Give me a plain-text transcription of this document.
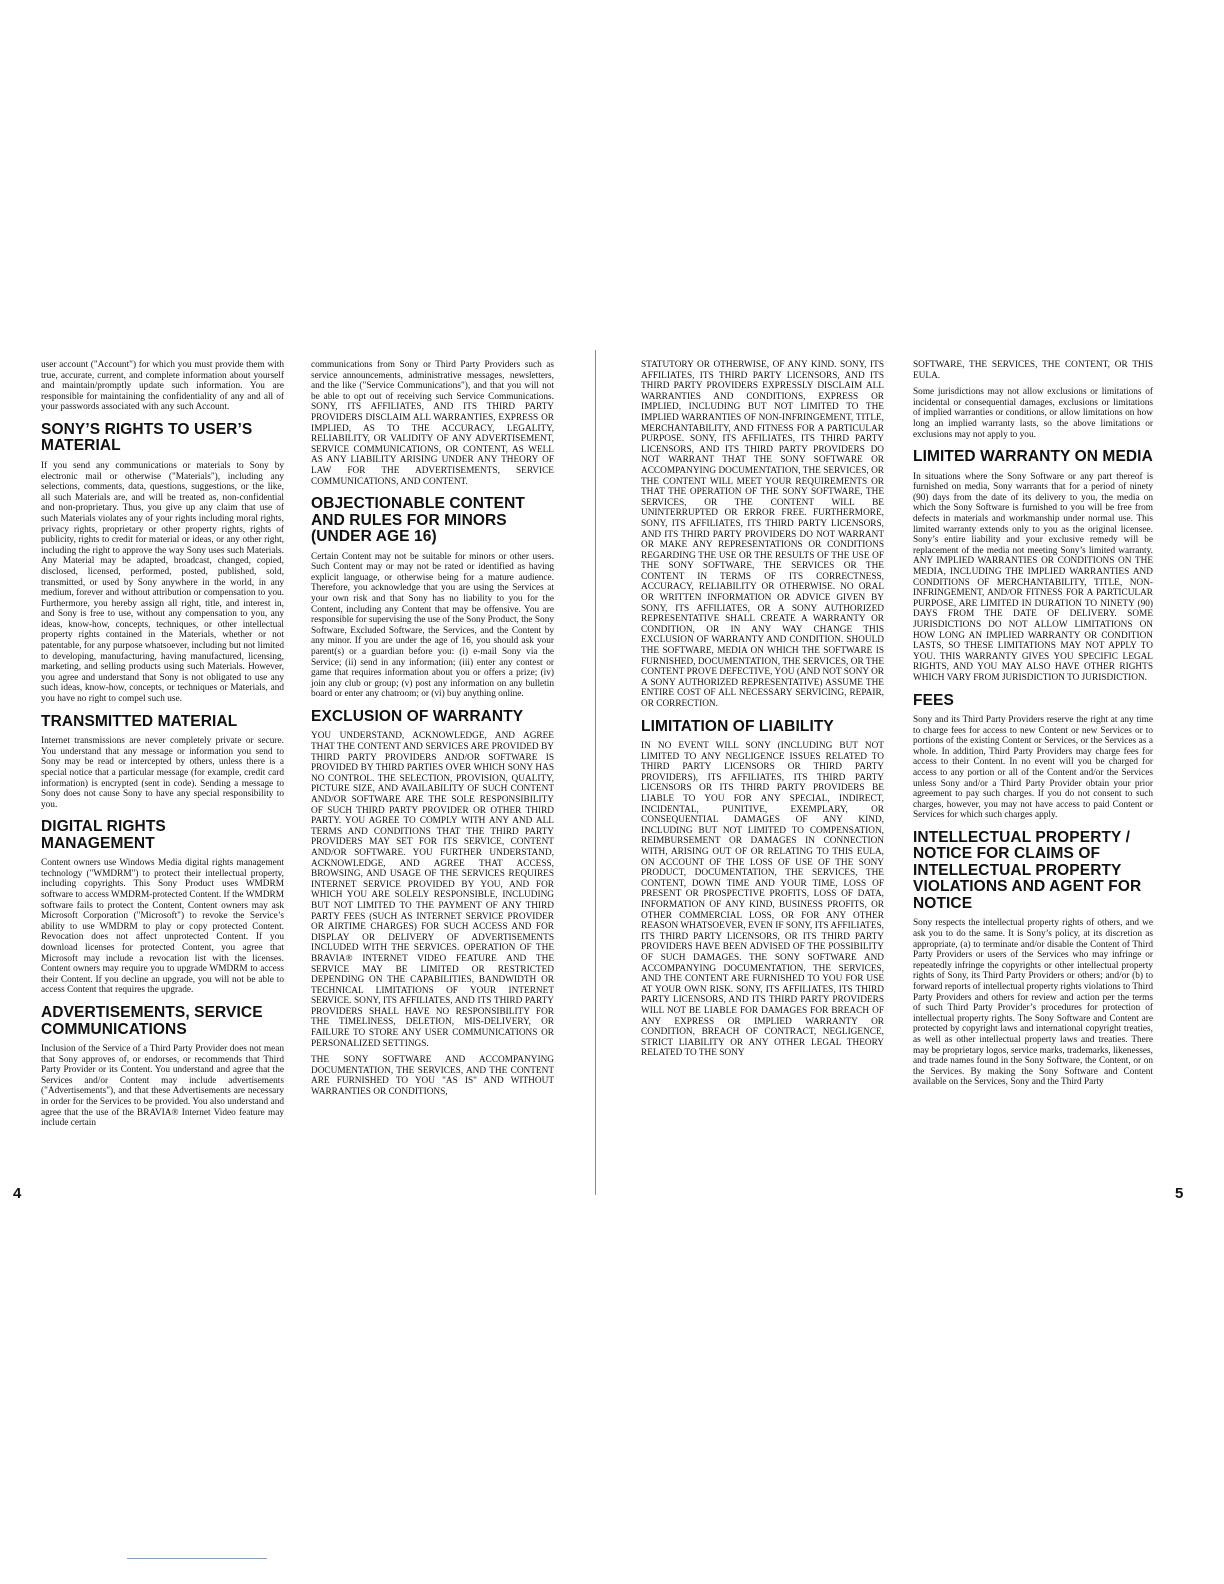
user account ("Account") for which you must provide them with true, accurate, current, and complete information about yourself and maintain/promptly update such information. You are responsible for maintaining the confidentiality of any and all of your passwords associated with any such Account.

SONY’S RIGHTS TO USER’S MATERIAL

If you send any communications or materials to Sony by electronic mail or otherwise ("Materials"), including any selections, comments, data, questions, suggestions, or the like, all such Materials are, and will be treated as, non-confidential and non-proprietary. Thus, you give up any claim that use of such Materials violates any of your rights including moral rights, privacy rights, proprietary or other property rights, rights of publicity, rights to credit for material or ideas, or any other right, including the right to approve the way Sony uses such Materials. Any Material may be adapted, broadcast, changed, copied, disclosed, licensed, performed, posted, published, sold, transmitted, or used by Sony anywhere in the world, in any medium, forever and without attribution or compensation to you. Furthermore, you hereby assign all right, title, and interest in, and Sony is free to use, without any compensation to you, any ideas, know-how, concepts, techniques, or other intellectual property rights contained in the Materials, whether or not patentable, for any purpose whatsoever, including but not limited to developing, manufacturing, having manufactured, licensing, marketing, and selling products using such Materials. However, you agree and understand that Sony is not obligated to use any such ideas, know-how, concepts, or techniques or Materials, and you have no right to compel such use.

TRANSMITTED MATERIAL

Internet transmissions are never completely private or secure. You understand that any message or information you send to Sony may be read or intercepted by others, unless there is a special notice that a particular message (for example, credit card information) is encrypted (sent in code). Sending a message to Sony does not cause Sony to have any special responsibility to you.

DIGITAL RIGHTS MANAGEMENT

Content owners use Windows Media digital rights management technology ("WMDRM") to protect their intellectual property, including copyrights. This Sony Product uses WMDRM software to access WMDRM-protected Content. If the WMDRM software fails to protect the Content, Content owners may ask Microsoft Corporation ("Microsoft") to revoke the Service’s ability to use WMDRM to play or copy protected Content. Revocation does not affect unprotected Content. If you download licenses for protected Content, you agree that Microsoft may include a revocation list with the licenses. Content owners may require you to upgrade WMDRM to access their Content. If you decline an upgrade, you will not be able to access Content that requires the upgrade.

ADVERTISEMENTS, SERVICE COMMUNICATIONS

Inclusion of the Service of a Third Party Provider does not mean that Sony approves of, or endorses, or recommends that Third Party Provider or its Content. You understand and agree that the Services and/or Content may include advertisements ("Advertisements"), and that these Advertisements are necessary in order for the Services to be provided. You also understand and agree that the use of the BRAVIA® Internet Video feature may include certain

communications from Sony or Third Party Providers such as service announcements, administrative messages, newsletters, and the like ("Service Communications"), and that you will not be able to opt out of receiving such Service Communications. SONY, ITS AFFILIATES, AND ITS THIRD PARTY PROVIDERS DISCLAIM ALL WARRANTIES, EXPRESS OR IMPLIED, AS TO THE ACCURACY, LEGALITY, RELIABILITY, OR VALIDITY OF ANY ADVERTISEMENT, SERVICE COMMUNICATIONS, OR CONTENT, AS WELL AS ANY LIABILITY ARISING UNDER ANY THEORY OF LAW FOR THE ADVERTISEMENTS, SERVICE COMMUNICATIONS, AND CONTENT.

OBJECTIONABLE CONTENT AND RULES FOR MINORS (UNDER AGE 16)

Certain Content may not be suitable for minors or other users. Such Content may or may not be rated or identified as having explicit language, or otherwise being for a mature audience. Therefore, you acknowledge that you are using the Services at your own risk and that Sony has no liability to you for the Content, including any Content that may be offensive. You are responsible for supervising the use of the Sony Product, the Sony Software, Excluded Software, the Services, and the Content by any minor. If you are under the age of 16, you should ask your parent(s) or a guardian before you: (i) e-mail Sony via the Service; (ii) send in any information; (iii) enter any contest or game that requires information about you or offers a prize; (iv) join any club or group; (v) post any information on any bulletin board or enter any chatroom; or (vi) buy anything online.

EXCLUSION OF WARRANTY

YOU UNDERSTAND, ACKNOWLEDGE, AND AGREE THAT THE CONTENT AND SERVICES ARE PROVIDED BY THIRD PARTY PROVIDERS AND/OR SOFTWARE IS PROVIDED BY THIRD PARTIES OVER WHICH SONY HAS NO CONTROL. THE SELECTION, PROVISION, QUALITY, PICTURE SIZE, AND AVAILABILITY OF SUCH CONTENT AND/OR SOFTWARE ARE THE SOLE RESPONSIBILITY OF SUCH THIRD PARTY PROVIDER OR OTHER THIRD PARTY. YOU AGREE TO COMPLY WITH ANY AND ALL TERMS AND CONDITIONS THAT THE THIRD PARTY PROVIDERS MAY SET FOR ITS SERVICE, CONTENT AND/OR SOFTWARE. YOU FURTHER UNDERSTAND, ACKNOWLEDGE, AND AGREE THAT ACCESS, BROWSING, AND USAGE OF THE SERVICES REQUIRES INTERNET SERVICE PROVIDED BY YOU, AND FOR WHICH YOU ARE SOLELY RESPONSIBLE, INCLUDING BUT NOT LIMITED TO THE PAYMENT OF ANY THIRD PARTY FEES (SUCH AS INTERNET SERVICE PROVIDER OR AIRTIME CHARGES) FOR SUCH ACCESS AND FOR DISPLAY OR DELIVERY OF ADVERTISEMENTS INCLUDED WITH THE SERVICES. OPERATION OF THE BRAVIA® INTERNET VIDEO FEATURE AND THE SERVICE MAY BE LIMITED OR RESTRICTED DEPENDING ON THE CAPABILITIES, BANDWIDTH OR TECHNICAL LIMITATIONS OF YOUR INTERNET SERVICE. SONY, ITS AFFILIATES, AND ITS THIRD PARTY PROVIDERS SHALL HAVE NO RESPONSIBILITY FOR THE TIMELINESS, DELETION, MIS-DELIVERY, OR FAILURE TO STORE ANY USER COMMUNICATIONS OR PERSONALIZED SETTINGS.

THE SONY SOFTWARE AND ACCOMPANYING DOCUMENTATION, THE SERVICES, AND THE CONTENT ARE FURNISHED TO YOU "AS IS" AND WITHOUT WARRANTIES OR CONDITIONS,

STATUTORY OR OTHERWISE, OF ANY KIND. SONY, ITS AFFILIATES, ITS THIRD PARTY LICENSORS, AND ITS THIRD PARTY PROVIDERS EXPRESSLY DISCLAIM ALL WARRANTIES AND CONDITIONS, EXPRESS OR IMPLIED, INCLUDING BUT NOT LIMITED TO THE IMPLIED WARRANTIES OF NON-INFRINGEMENT, TITLE, MERCHANTABILITY, AND FITNESS FOR A PARTICULAR PURPOSE. SONY, ITS AFFILIATES, ITS THIRD PARTY LICENSORS, AND ITS THIRD PARTY PROVIDERS DO NOT WARRANT THAT THE SONY SOFTWARE OR ACCOMPANYING DOCUMENTATION, THE SERVICES, OR THE CONTENT WILL MEET YOUR REQUIREMENTS OR THAT THE OPERATION OF THE SONY SOFTWARE, THE SERVICES, OR THE CONTENT WILL BE UNINTERRUPTED OR ERROR FREE. FURTHERMORE, SONY, ITS AFFILIATES, ITS THIRD PARTY LICENSORS, AND ITS THIRD PARTY PROVIDERS DO NOT WARRANT OR MAKE ANY REPRESENTATIONS OR CONDITIONS REGARDING THE USE OR THE RESULTS OF THE USE OF THE SONY SOFTWARE, THE SERVICES OR THE CONTENT IN TERMS OF ITS CORRECTNESS, ACCURACY, RELIABILITY OR OTHERWISE. NO ORAL OR WRITTEN INFORMATION OR ADVICE GIVEN BY SONY, ITS AFFILIATES, OR A SONY AUTHORIZED REPRESENTATIVE SHALL CREATE A WARRANTY OR CONDITION, OR IN ANY WAY CHANGE THIS EXCLUSION OF WARRANTY AND CONDITION. SHOULD THE SOFTWARE, MEDIA ON WHICH THE SOFTWARE IS FURNISHED, DOCUMENTATION, THE SERVICES, OR THE CONTENT PROVE DEFECTIVE, YOU (AND NOT SONY OR A SONY AUTHORIZED REPRESENTATIVE) ASSUME THE ENTIRE COST OF ALL NECESSARY SERVICING, REPAIR, OR CORRECTION.

LIMITATION OF LIABILITY

IN NO EVENT WILL SONY (INCLUDING BUT NOT LIMITED TO ANY NEGLIGENCE ISSUES RELATED TO THIRD PARTY LICENSORS OR THIRD PARTY PROVIDERS), ITS AFFILIATES, ITS THIRD PARTY LICENSORS OR ITS THIRD PARTY PROVIDERS BE LIABLE TO YOU FOR ANY SPECIAL, INDIRECT, INCIDENTAL, PUNITIVE, EXEMPLARY, OR CONSEQUENTIAL DAMAGES OF ANY KIND, INCLUDING BUT NOT LIMITED TO COMPENSATION, REIMBURSEMENT OR DAMAGES IN CONNECTION WITH, ARISING OUT OF OR RELATING TO THIS EULA, ON ACCOUNT OF THE LOSS OF USE OF THE SONY PRODUCT, DOCUMENTATION, THE SERVICES, THE CONTENT, DOWN TIME AND YOUR TIME, LOSS OF PRESENT OR PROSPECTIVE PROFITS, LOSS OF DATA, INFORMATION OF ANY KIND, BUSINESS PROFITS, OR OTHER COMMERCIAL LOSS, OR FOR ANY OTHER REASON WHATSOEVER, EVEN IF SONY, ITS AFFILIATES, ITS THIRD PARTY LICENSORS, OR ITS THIRD PARTY PROVIDERS HAVE BEEN ADVISED OF THE POSSIBILITY OF SUCH DAMAGES. THE SONY SOFTWARE AND ACCOMPANYING DOCUMENTATION, THE SERVICES, AND THE CONTENT ARE FURNISHED TO YOU FOR USE AT YOUR OWN RISK. SONY, ITS AFFILIATES, ITS THIRD PARTY LICENSORS, AND ITS THIRD PARTY PROVIDERS WILL NOT BE LIABLE FOR DAMAGES FOR BREACH OF ANY EXPRESS OR IMPLIED WARRANTY OR CONDITION, BREACH OF CONTRACT, NEGLIGENCE, STRICT LIABILITY OR ANY OTHER LEGAL THEORY RELATED TO THE SONY

SOFTWARE, THE SERVICES, THE CONTENT, OR THIS EULA.

Some jurisdictions may not allow exclusions or limitations of incidental or consequential damages, exclusions or limitations of implied warranties or conditions, or allow limitations on how long an implied warranty lasts, so the above limitations or exclusions may not apply to you.

LIMITED WARRANTY ON MEDIA

In situations where the Sony Software or any part thereof is furnished on media, Sony warrants that for a period of ninety (90) days from the date of its delivery to you, the media on which the Sony Software is furnished to you will be free from defects in materials and workmanship under normal use. This limited warranty extends only to you as the original licensee. Sony’s entire liability and your exclusive remedy will be replacement of the media not meeting Sony’s limited warranty. ANY IMPLIED WARRANTIES OR CONDITIONS ON THE MEDIA, INCLUDING THE IMPLIED WARRANTIES AND CONDITIONS OF MERCHANTABILITY, TITLE, NON-INFRINGEMENT, AND/OR FITNESS FOR A PARTICULAR PURPOSE, ARE LIMITED IN DURATION TO NINETY (90) DAYS FROM THE DATE OF DELIVERY. SOME JURISDICTIONS DO NOT ALLOW LIMITATIONS ON HOW LONG AN IMPLIED WARRANTY OR CONDITION LASTS, SO THESE LIMITATIONS MAY NOT APPLY TO YOU. THIS WARRANTY GIVES YOU SPECIFIC LEGAL RIGHTS, AND YOU MAY ALSO HAVE OTHER RIGHTS WHICH VARY FROM JURISDICTION TO JURISDICTION.

FEES

Sony and its Third Party Providers reserve the right at any time to charge fees for access to new Content or new Services or to portions of the existing Content or Services, or the Services as a whole. In addition, Third Party Providers may charge fees for access to their Content. In no event will you be charged for access to any portion or all of the Content and/or the Services unless Sony and/or a Third Party Provider obtain your prior agreement to pay such charges. If you do not consent to such charges, however, you may not have access to paid Content or Services for which such charges apply.

INTELLECTUAL PROPERTY / NOTICE FOR CLAIMS OF INTELLECTUAL PROPERTY VIOLATIONS AND AGENT FOR NOTICE

Sony respects the intellectual property rights of others, and we ask you to do the same. It is Sony’s policy, at its discretion as appropriate, (a) to terminate and/or disable the Content of Third Party Providers or users of the Services who may infringe or repeatedly infringe the copyrights or other intellectual property rights of Sony, its Third Party Providers or others; and/or (b) to forward reports of intellectual property rights violations to Third Party Providers and others for review and action per the terms of such Third Party Provider’s procedures for protection of intellectual property rights. The Sony Software and Content are protected by copyright laws and international copyright treaties, as well as other intellectual property laws and treaties. There may be proprietary logos, service marks, trademarks, likenesses, and trade names found in the Sony Software, the Content, or on the Services. By making the Sony Software and Content available on the Services, Sony and the Third Party

4	5
